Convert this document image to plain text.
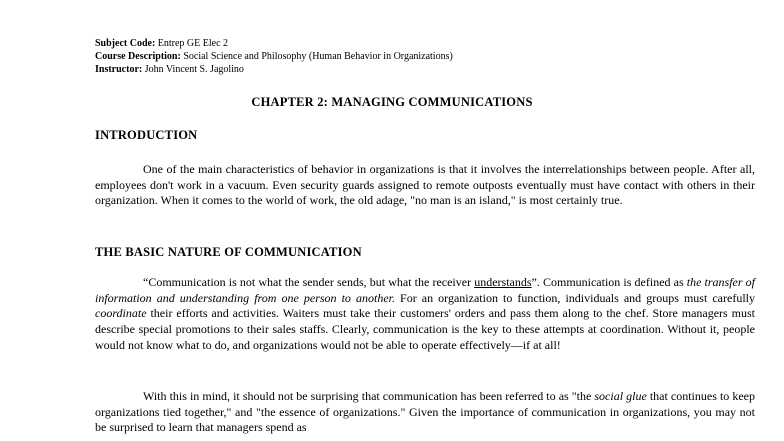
Subject Code: Entrep GE Elec 2
Course Description: Social Science and Philosophy (Human Behavior in Organizations)
Instructor: John Vincent S. Jagolino
CHAPTER 2: MANAGING COMMUNICATIONS
INTRODUCTION
One of the main characteristics of behavior in organizations is that it involves the interrelationships between people. After all, employees don't work in a vacuum. Even security guards assigned to remote outposts eventually must have contact with others in their organization. When it comes to the world of work, the old adage, "no man is an island," is most certainly true.
THE BASIC NATURE OF COMMUNICATION
“Communication is not what the sender sends, but what the receiver understands”. Communication is defined as the transfer of information and understanding from one person to another. For an organization to function, individuals and groups must carefully coordinate their efforts and activities. Waiters must take their customers' orders and pass them along to the chef. Store managers must describe special promotions to their sales staffs. Clearly, communication is the key to these attempts at coordination. Without it, people would not know what to do, and organizations would not be able to operate effectively—if at all!
With this in mind, it should not be surprising that communication has been referred to as "the social glue that continues to keep organizations tied together," and "the essence of organizations." Given the importance of communication in organizations, you may not be surprised to learn that managers spend as
